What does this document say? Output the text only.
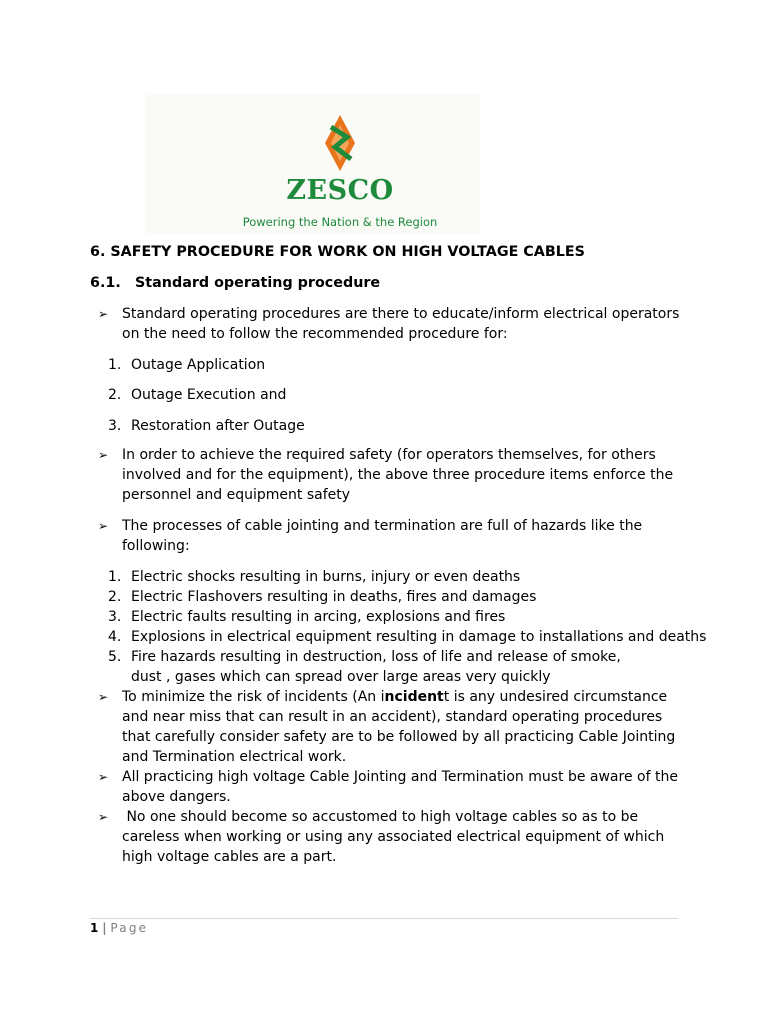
ZESCO
Powering the Nation & the Region
6. SAFETY PROCEDURE FOR WORK ON HIGH VOLTAGE CABLES
6.1. Standard operating procedure
➢ Standard operating procedures are there to educate/inform electrical operators on the need to follow the recommended procedure for:
1. Outage Application
2. Outage Execution and
3. Restoration after Outage
➢ In order to achieve the required safety (for operators themselves, for others involved and for the equipment), the above three procedure items enforce the personnel and equipment safety
➢ The processes of cable jointing and termination are full of hazards like the following:
1. Electric shocks resulting in burns, injury or even deaths
2. Electric Flashovers resulting in deaths, fires and damages
3. Electric faults resulting in arcing, explosions and fires
4. Explosions in electrical equipment resulting in damage to installations and deaths
5. Fire hazards resulting in destruction, loss of life and release of smoke, dust , gases which can spread over large areas very quickly
➢ To minimize the risk of incidents (An incidentt is any undesired circumstance and near miss that can result in an accident), standard operating procedures that carefully consider safety are to be followed by all practicing Cable Jointing and Termination electrical work.
➢ All practicing high voltage Cable Jointing and Termination must be aware of the above dangers.
➢ No one should become so accustomed to high voltage cables so as to be careless when working or using any associated electrical equipment of which high voltage cables are a part.
1 | Page
